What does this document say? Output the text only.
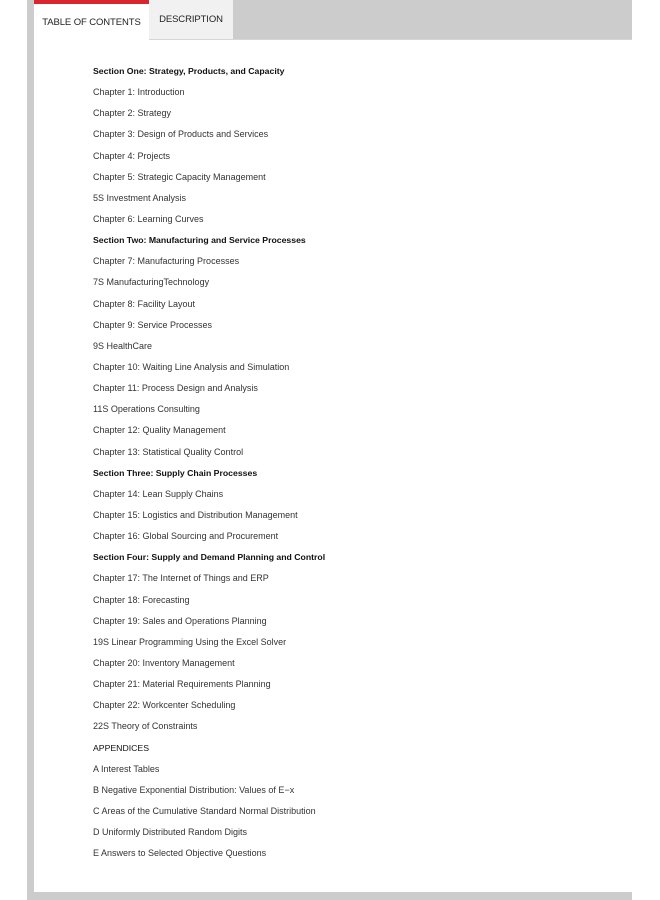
TABLE OF CONTENTS DESCRIPTION
Section One: Strategy, Products, and Capacity
Chapter 1: Introduction
Chapter 2: Strategy
Chapter 3: Design of Products and Services
Chapter 4: Projects
Chapter 5: Strategic Capacity Management
5S Investment Analysis
Chapter 6: Learning Curves
Section Two: Manufacturing and Service Processes
Chapter 7: Manufacturing Processes
7S ManufacturingTechnology
Chapter 8: Facility Layout
Chapter 9: Service Processes
9S HealthCare
Chapter 10: Waiting Line Analysis and Simulation
Chapter 11: Process Design and Analysis
11S Operations Consulting
Chapter 12: Quality Management
Chapter 13: Statistical Quality Control
Section Three: Supply Chain Processes
Chapter 14: Lean Supply Chains
Chapter 15: Logistics and Distribution Management
Chapter 16: Global Sourcing and Procurement
Section Four: Supply and Demand Planning and Control
Chapter 17: The Internet of Things and ERP
Chapter 18: Forecasting
Chapter 19: Sales and Operations Planning
19S Linear Programming Using the Excel Solver
Chapter 20: Inventory Management
Chapter 21: Material Requirements Planning
Chapter 22: Workcenter Scheduling
22S Theory of Constraints
APPENDICES
A Interest Tables
B Negative Exponential Distribution: Values of E−x
C Areas of the Cumulative Standard Normal Distribution
D Uniformly Distributed Random Digits
E Answers to Selected Objective Questions
